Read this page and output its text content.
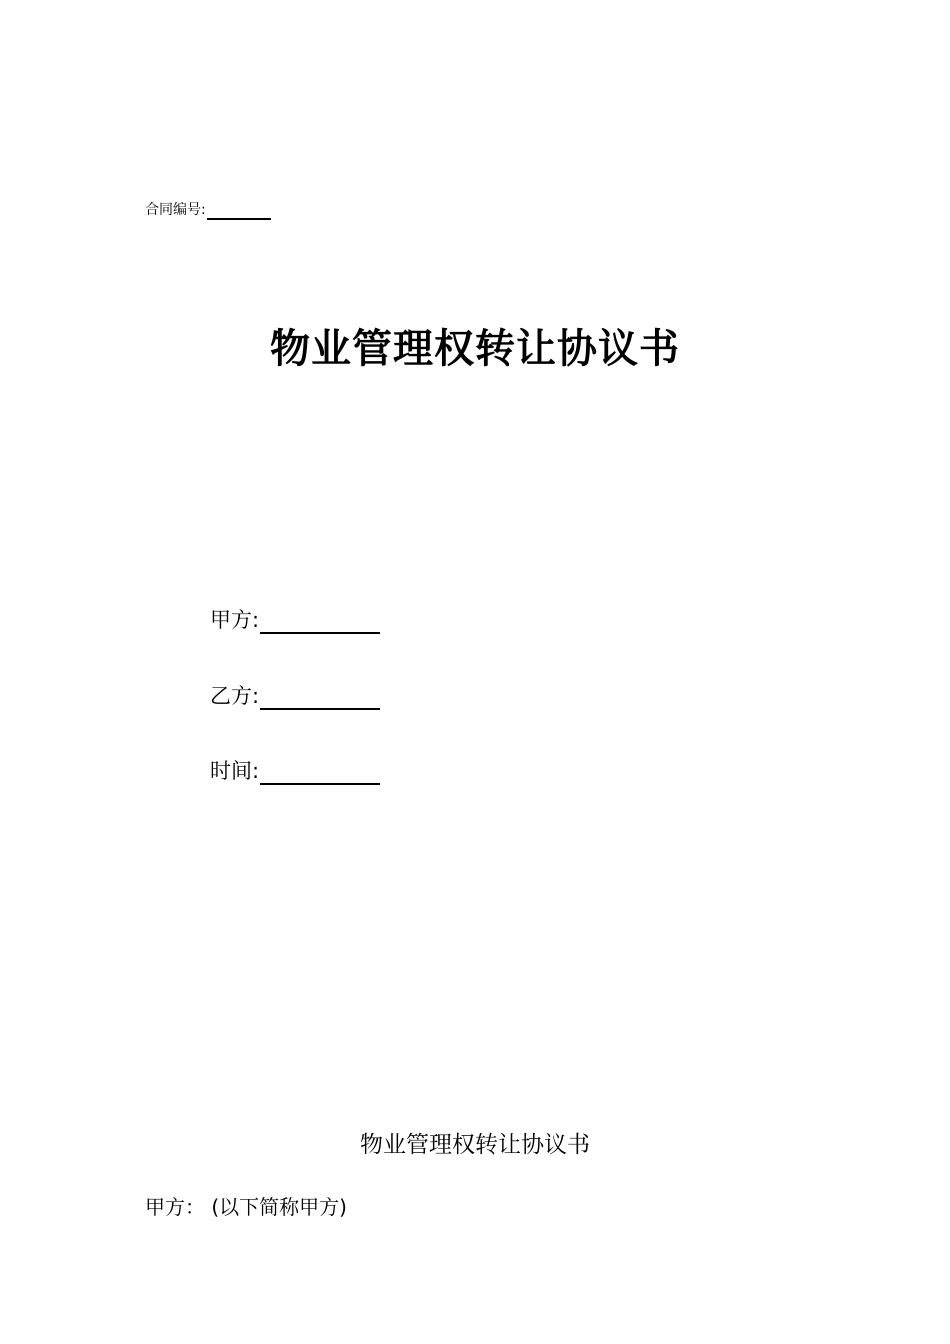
合同编号:
物业管理权转让协议书
甲方:
乙方:
时间:
物业管理权转让协议书
甲方： (以下简称甲方)
